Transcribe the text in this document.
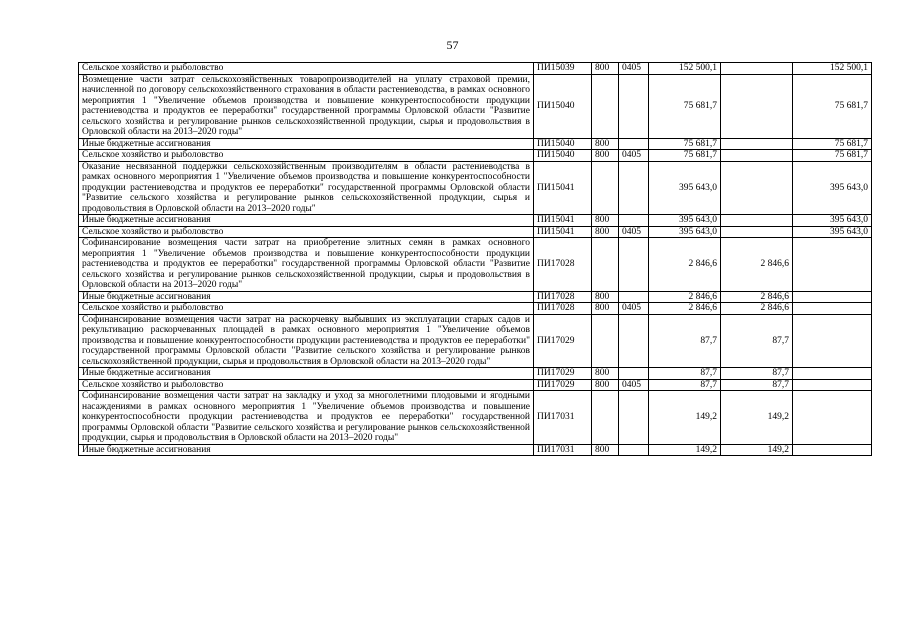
57
Сельское хозяйство и рыболовство	ПИ15039	800	0405	152 500,1		152 500,1
Возмещение части затрат сельскохозяйственных товаропроизводителей на уплату страховой премии, начисленной по договору сельскохозяйственного страхования в области растениеводства, в рамках основного мероприятия 1 "Увеличение объемов производства и повышение конкурентоспособности продукции растениеводства и продуктов ее переработки" государственной программы Орловской области "Развитие сельского хозяйства и регулирование рынков сельскохозяйственной продукции, сырья и продовольствия в Орловской области на 2013–2020 годы"	ПИ15040			75 681,7		75 681,7
Иные бюджетные ассигнования	ПИ15040	800		75 681,7		75 681,7
Сельское хозяйство и рыболовство	ПИ15040	800	0405	75 681,7		75 681,7
Оказание несвязанной поддержки сельскохозяйственным производителям в области растениеводства в рамках основного мероприятия 1 "Увеличение объемов производства и повышение конкурентоспособности продукции растениеводства и продуктов ее переработки" государственной программы Орловской области "Развитие сельского хозяйства и регулирование рынков сельскохозяйственной продукции, сырья и продовольствия в Орловской области на 2013–2020 годы"	ПИ15041			395 643,0		395 643,0
Иные бюджетные ассигнования	ПИ15041	800		395 643,0		395 643,0
Сельское хозяйство и рыболовство	ПИ15041	800	0405	395 643,0		395 643,0
Софинансирование возмещения части затрат на приобретение элитных семян в рамках основного мероприятия 1 "Увеличение объемов производства и повышение конкурентоспособности продукции растениеводства и продуктов ее переработки" государственной программы Орловской области "Развитие сельского хозяйства и регулирование рынков сельскохозяйственной продукции, сырья и продовольствия в Орловской области на 2013–2020 годы"	ПИ17028			2 846,6	2 846,6	
Иные бюджетные ассигнования	ПИ17028	800		2 846,6	2 846,6	
Сельское хозяйство и рыболовство	ПИ17028	800	0405	2 846,6	2 846,6	
Софинансирование возмещения части затрат на раскорчевку выбывших из эксплуатации старых садов и рекультивацию раскорчеванных площадей в рамках основного мероприятия 1 "Увеличение объемов производства и повышение конкурентоспособности продукции растениеводства и продуктов ее переработки" государственной программы Орловской области "Развитие сельского хозяйства и регулирование рынков сельскохозяйственной продукции, сырья и продовольствия в Орловской области на 2013–2020 годы"	ПИ17029			87,7	87,7	
Иные бюджетные ассигнования	ПИ17029	800		87,7	87,7	
Сельское хозяйство и рыболовство	ПИ17029	800	0405	87,7	87,7	
Софинансирование возмещения части затрат на закладку и уход за многолетними плодовыми и ягодными насаждениями в рамках основного мероприятия 1 "Увеличение объемов производства и повышение конкурентоспособности продукции растениеводства и продуктов ее переработки" государственной программы Орловской области "Развитие сельского хозяйства и регулирование рынков сельскохозяйственной продукции, сырья и продовольствия в Орловской области на 2013–2020 годы"	ПИ17031			149,2	149,2	
Иные бюджетные ассигнования	ПИ17031	800		149,2	149,2	
